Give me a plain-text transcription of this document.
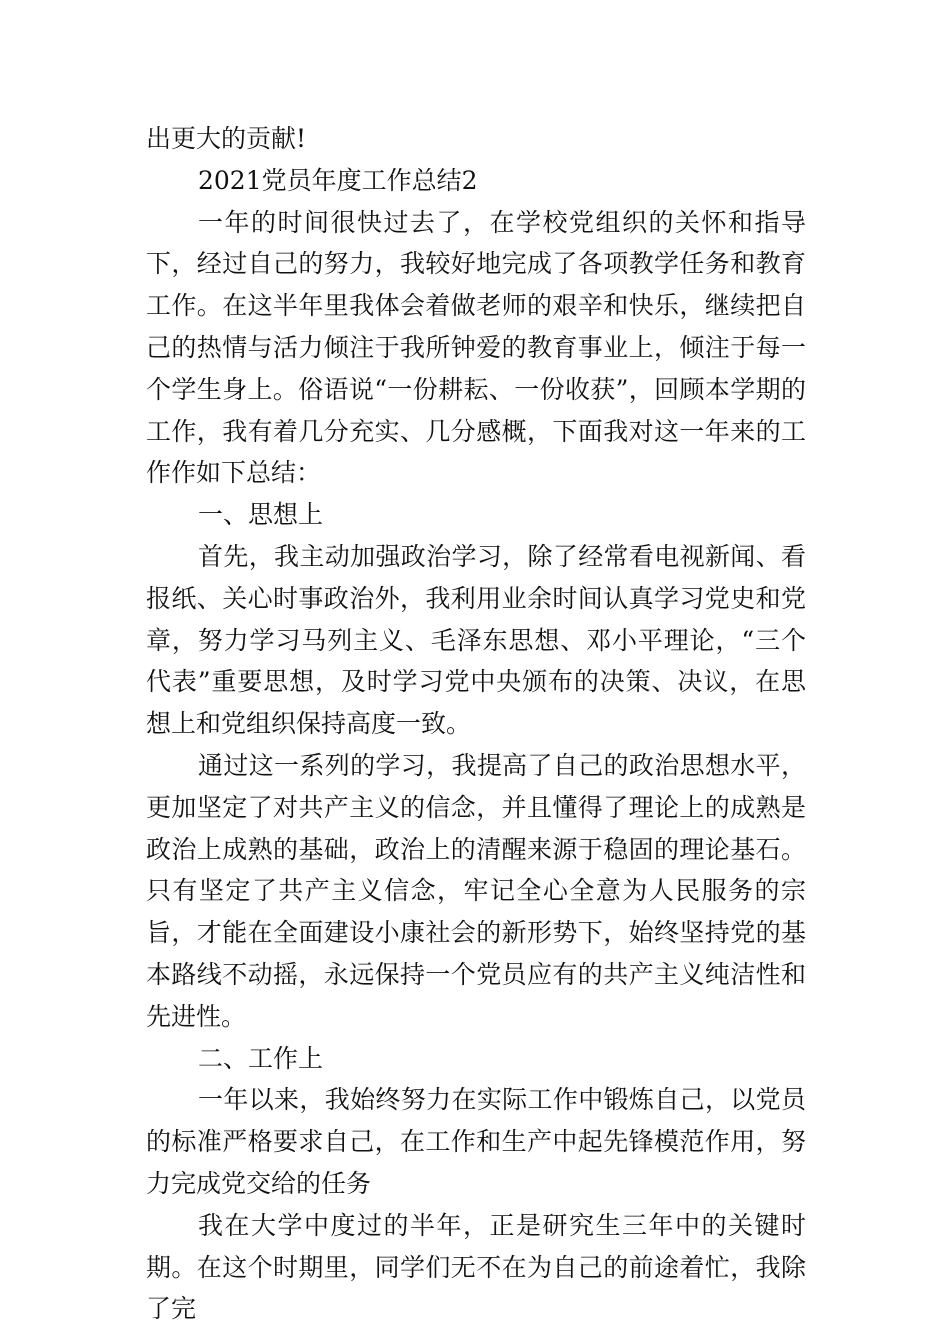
出更大的贡献!

2021党员年度工作总结2

一年的时间很快过去了，在学校党组织的关怀和指导下，经过自己的努力，我较好地完成了各项教学任务和教育工作。在这半年里我体会着做老师的艰辛和快乐，继续把自己的热情与活力倾注于我所钟爱的教育事业上，倾注于每一个学生身上。俗语说“一份耕耘、一份收获”，回顾本学期的工作，我有着几分充实、几分感概，下面我对这一年来的工作作如下总结：

一、思想上

首先，我主动加强政治学习，除了经常看电视新闻、看报纸、关心时事政治外，我利用业余时间认真学习党史和党章，努力学习马列主义、毛泽东思想、邓小平理论，“三个代表”重要思想，及时学习党中央颁布的决策、决议，在思想上和党组织保持高度一致。

通过这一系列的学习，我提高了自己的政治思想水平，更加坚定了对共产主义的信念，并且懂得了理论上的成熟是政治上成熟的基础，政治上的清醒来源于稳固的理论基石。只有坚定了共产主义信念，牢记全心全意为人民服务的宗旨，才能在全面建设小康社会的新形势下，始终坚持党的基本路线不动摇，永远保持一个党员应有的共产主义纯洁性和先进性。

二、工作上

一年以来，我始终努力在实际工作中锻炼自己，以党员的标准严格要求自己，在工作和生产中起先锋模范作用，努力完成党交给的任务

我在大学中度过的半年，正是研究生三年中的关键时期。在这个时期里，同学们无不在为自己的前途着忙，我除了完
